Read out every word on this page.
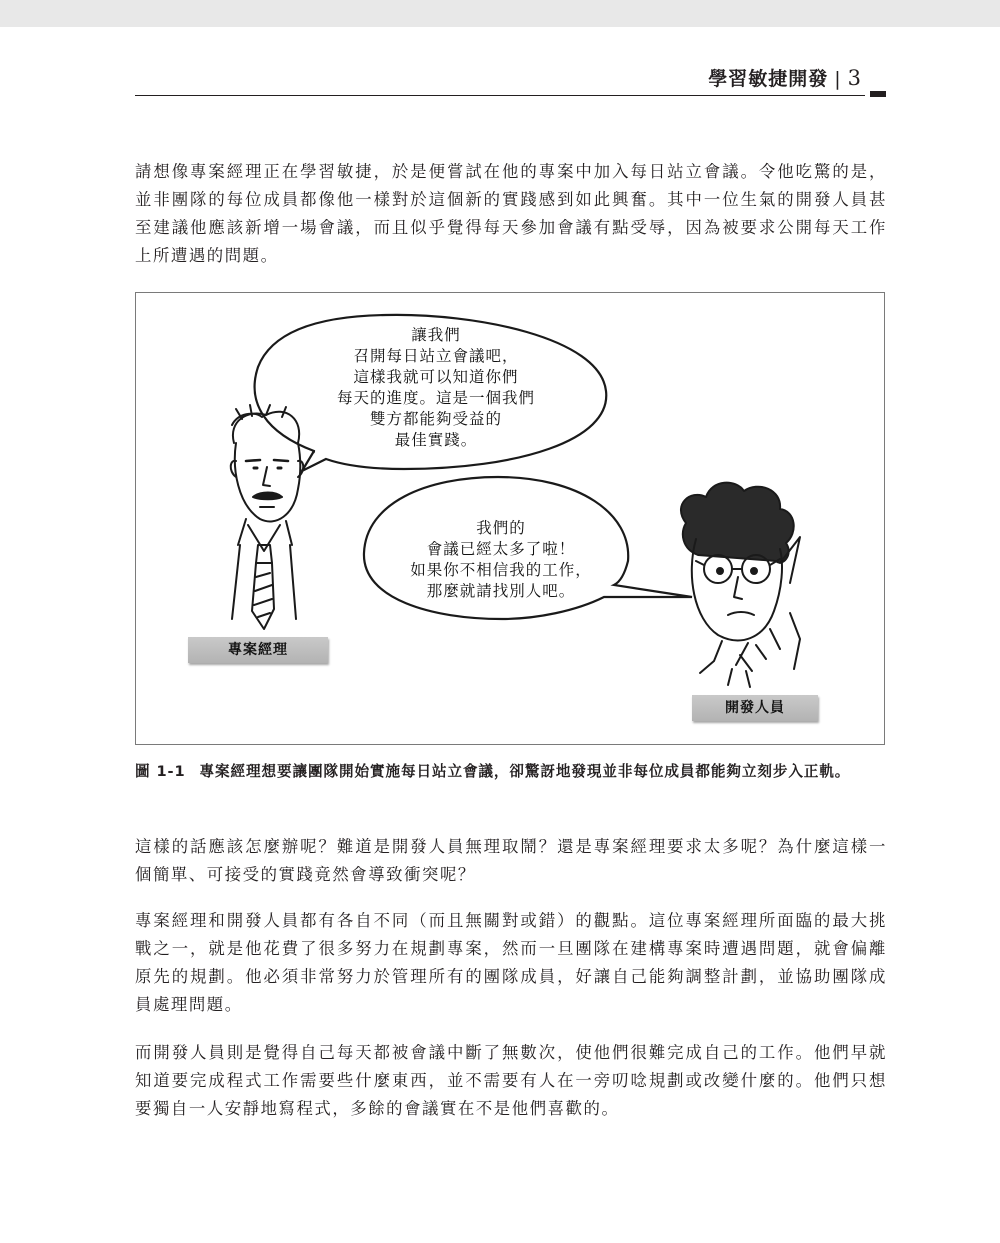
學習敏捷開發 | 3

請想像專案經理正在學習敏捷，於是便嘗試在他的專案中加入每日站立會議。令他吃驚的是，並非團隊的每位成員都像他一樣對於這個新的實踐感到如此興奮。其中一位生氣的開發人員甚至建議他應該新增一場會議，而且似乎覺得每天參加會議有點受辱，因為被要求公開每天工作上所遭遇的問題。

讓我們
召開每日站立會議吧，
這樣我就可以知道你們
每天的進度。這是一個我們
雙方都能夠受益的
最佳實踐。
我們的
會議已經太多了啦！
如果你不相信我的工作，
那麼就請找別人吧。
專案經理
開發人員
圖 1-1 專案經理想要讓團隊開始實施每日站立會議，卻驚訝地發現並非每位成員都能夠立刻步入正軌。

這樣的話應該怎麼辦呢？難道是開發人員無理取鬧？還是專案經理要求太多呢？為什麼這樣一個簡單、可接受的實踐竟然會導致衝突呢？

專案經理和開發人員都有各自不同（而且無關對或錯）的觀點。這位專案經理所面臨的最大挑戰之一，就是他花費了很多努力在規劃專案，然而一旦團隊在建構專案時遭遇問題，就會偏離原先的規劃。他必須非常努力於管理所有的團隊成員，好讓自己能夠調整計劃，並協助團隊成員處理問題。

而開發人員則是覺得自己每天都被會議中斷了無數次，使他們很難完成自己的工作。他們早就知道要完成程式工作需要些什麼東西，並不需要有人在一旁叨唸規劃或改變什麼的。他們只想要獨自一人安靜地寫程式，多餘的會議實在不是他們喜歡的。
